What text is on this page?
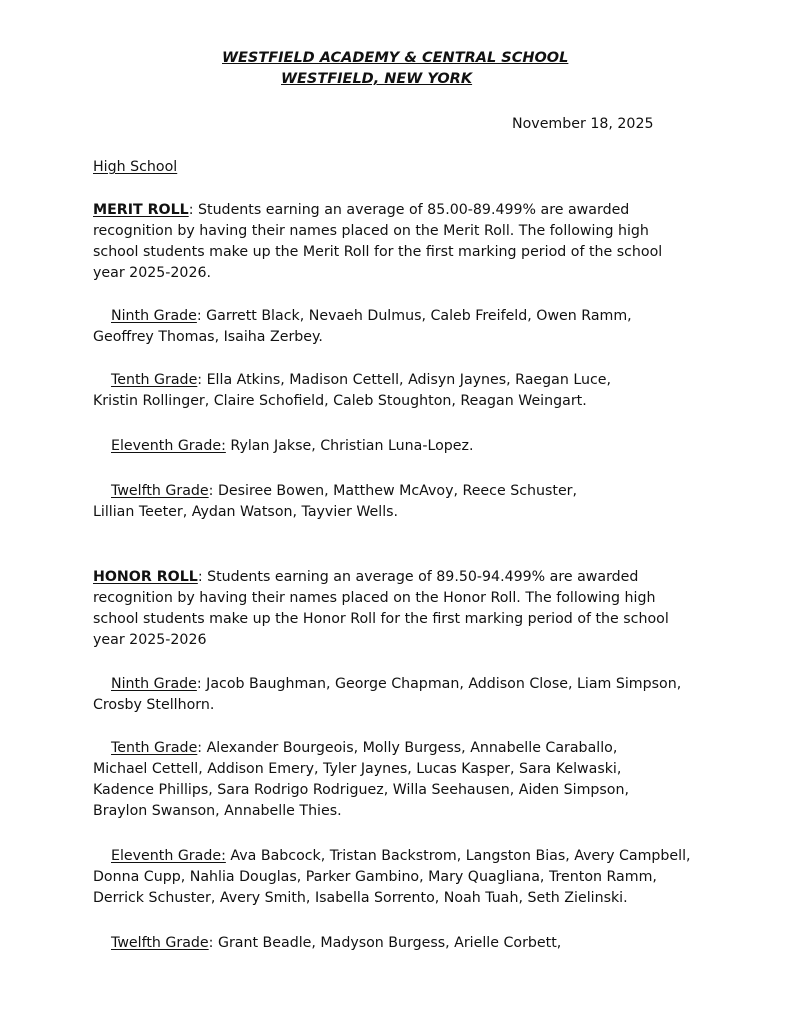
WESTFIELD ACADEMY & CENTRAL SCHOOL
WESTFIELD, NEW YORK
November 18, 2025
High School
MERIT ROLL: Students earning an average of 85.00-89.499% are awarded
recognition by having their names placed on the Merit Roll. The following high
school students make up the Merit Roll for the first marking period of the school
year 2025-2026.
Ninth Grade: Garrett Black, Nevaeh Dulmus, Caleb Freifeld, Owen Ramm,
Geoffrey Thomas, Isaiha Zerbey.
Tenth Grade: Ella Atkins, Madison Cettell, Adisyn Jaynes, Raegan Luce,
Kristin Rollinger, Claire Schofield, Caleb Stoughton, Reagan Weingart.
Eleventh Grade: Rylan Jakse, Christian Luna-Lopez.
Twelfth Grade: Desiree Bowen, Matthew McAvoy, Reece Schuster,
Lillian Teeter, Aydan Watson, Tayvier Wells.
HONOR ROLL: Students earning an average of 89.50-94.499% are awarded
recognition by having their names placed on the Honor Roll. The following high
school students make up the Honor Roll for the first marking period of the school
year 2025-2026
Ninth Grade: Jacob Baughman, George Chapman, Addison Close, Liam Simpson,
Crosby Stellhorn.
Tenth Grade: Alexander Bourgeois, Molly Burgess, Annabelle Caraballo,
Michael Cettell, Addison Emery, Tyler Jaynes, Lucas Kasper, Sara Kelwaski,
Kadence Phillips, Sara Rodrigo Rodriguez, Willa Seehausen, Aiden Simpson,
Braylon Swanson, Annabelle Thies.
Eleventh Grade: Ava Babcock, Tristan Backstrom, Langston Bias, Avery Campbell,
Donna Cupp, Nahlia Douglas, Parker Gambino, Mary Quagliana, Trenton Ramm,
Derrick Schuster, Avery Smith, Isabella Sorrento, Noah Tuah, Seth Zielinski.
Twelfth Grade: Grant Beadle, Madyson Burgess, Arielle Corbett,
